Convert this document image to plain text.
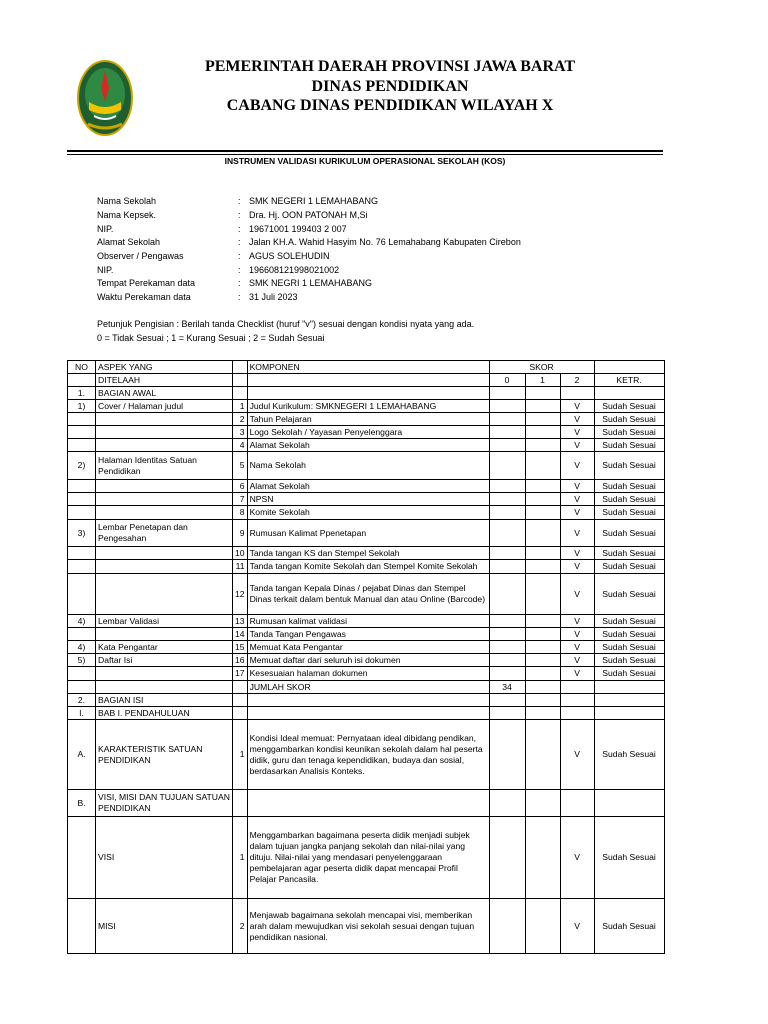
PEMERINTAH DAERAH PROVINSI JAWA BARAT
DINAS PENDIDIKAN
CABANG DINAS PENDIDIKAN WILAYAH X
INSTRUMEN VALIDASI KURIKULUM OPERASIONAL SEKOLAH (KOS)
Nama Sekolah	: SMK NEGERI 1 LEMAHABANG
Nama Kepsek.	: Dra. Hj. OON PATONAH M,Si
NIP.	: 19671001 199403 2 007
Alamat Sekolah	: Jalan KH.A. Wahid Hasyim No. 76 Lemahabang Kabupaten Cirebon
Observer / Pengawas	: AGUS SOLEHUDIN
NIP.	: 196608121998021002
Tempat Perekaman data	: SMK NEGRI 1 LEMAHABANG
Waktu Perekaman data	: 31 Juli 2023
Petunjuk Pengisian : Berilah tanda Checklist (huruf "v") sesuai dengan kondisi nyata yang ada.
0 = Tidak Sesuai ; 1 = Kurang Sesuai ; 2 = Sudah Sesuai
NO	ASPEK YANG		KOMPONEN	SKOR			
	DITELAAH			0	1	2	KETR.
1.	BAGIAN AWAL						
1)	Cover / Halaman judul	1	Judul Kurikulum: SMKNEGERI 1 LEMAHABANG			V	Sudah Sesuai
		2	Tahun Pelajaran			V	Sudah Sesuai
		3	Logo Sekolah / Yayasan Penyelenggara			V	Sudah Sesuai
		4	Alamat Sekolah			V	Sudah Sesuai
2)	Halaman Identitas Satuan Pendidikan	5	Nama Sekolah			V	Sudah Sesuai
		6	Alamat Sekolah			V	Sudah Sesuai
		7	NPSN			V	Sudah Sesuai
		8	Komite Sekolah			V	Sudah Sesuai
3)	Lembar Penetapan dan Pengesahan	9	Rumusan Kalimat Ppenetapan			V	Sudah Sesuai
		10	Tanda tangan KS dan Stempel Sekolah			V	Sudah Sesuai
		11	Tanda tangan Komite Sekolah dan Stempel Komite Sekolah			V	Sudah Sesuai
		12	Tanda tangan Kepala Dinas / pejabat Dinas dan Stempel Dinas terkait dalam bentuk Manual dan atau Online (Barcode)			V	Sudah Sesuai
4)	Lembar Validasi	13	Rumusan kalimat validasi			V	Sudah Sesuai
		14	Tanda Tangan Pengawas			V	Sudah Sesuai
4)	Kata Pengantar	15	Memuat Kata Pengantar			V	Sudah Sesuai
5)	Daftar Isi	16	Memuat daftar dari seluruh isi dokumen			V	Sudah Sesuai
		17	Kesesuaian halaman dokumen			V	Sudah Sesuai
			JUMLAH SKOR	34			
2.	BAGIAN ISI						
I.	BAB I. PENDAHULUAN						
A.	KARAKTERISTIK SATUAN PENDIDIKAN	1	Kondisi Ideal memuat: Pernyataan ideal dibidang pendikan, menggambarkan kondisi keunikan sekolah dalam hal peserta didik, guru dan tenaga kependidikan, budaya dan sosial, berdasarkan Analisis Konteks.			V	Sudah Sesuai
B.	VISI, MISI DAN TUJUAN SATUAN PENDIDIKAN						
	VISI	1	Menggambarkan bagaimana peserta didik menjadi subjek dalam tujuan jangka panjang sekolah dan nilai-nilai yang dituju. Nilai-nilai yang mendasari penyelenggaraan pembelajaran agar peserta didik dapat mencapai Profil Pelajar Pancasila.			V	Sudah Sesuai
	MISI	2	Menjawab bagaimana sekolah mencapai visi, memberikan arah dalam mewujudkan visi sekolah sesuai dengan tujuan pendidikan nasional.			V	Sudah Sesuai
